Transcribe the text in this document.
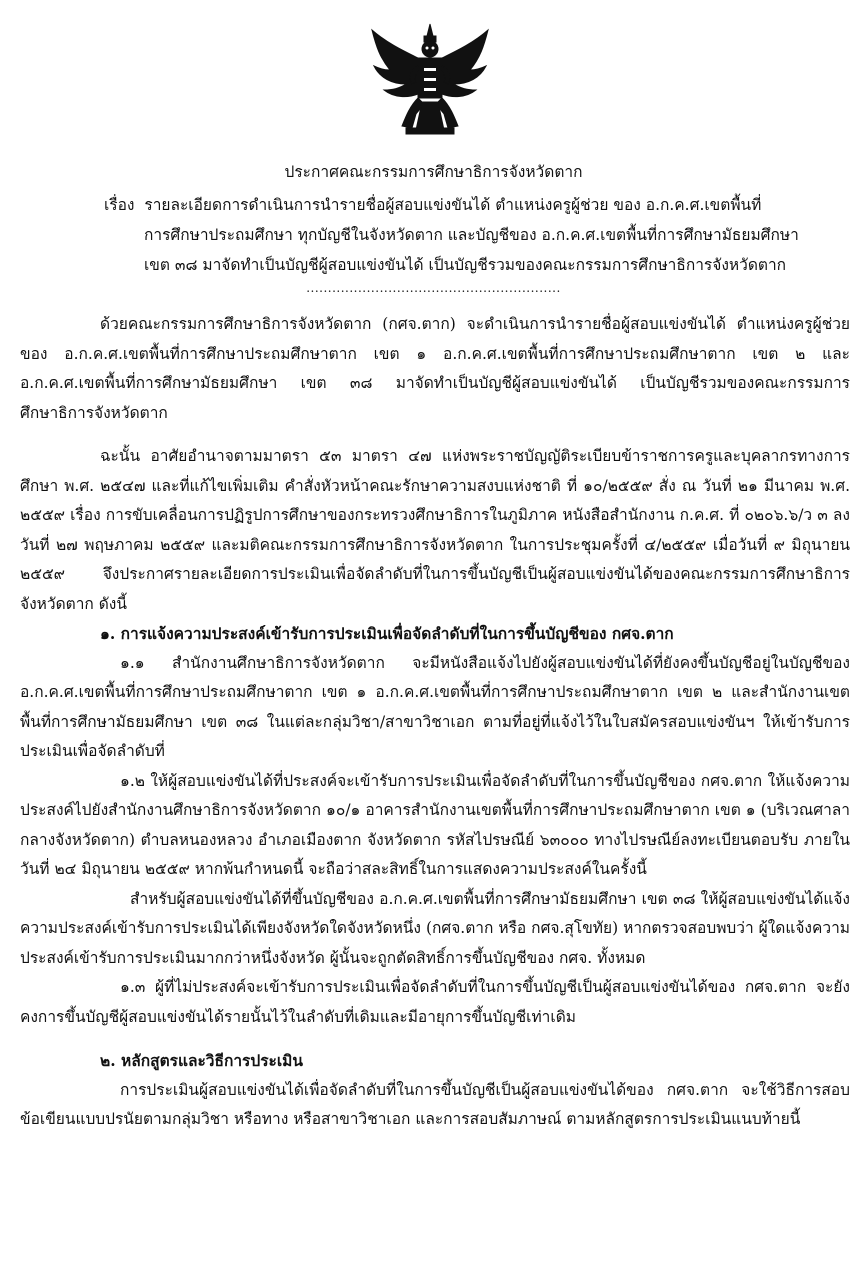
ประกาศคณะกรรมการศึกษาธิการจังหวัดตาก
เรื่อง รายละเอียดการดำเนินการนำรายชื่อผู้สอบแข่งขันได้ ตำแหน่งครูผู้ช่วย ของ อ.ก.ค.ศ.เขตพื้นที่
การศึกษาประถมศึกษา ทุกบัญชีในจังหวัดตาก และบัญชีของ อ.ก.ค.ศ.เขตพื้นที่การศึกษามัธยมศึกษา
เขต ๓๘ มาจัดทำเป็นบัญชีผู้สอบแข่งขันได้ เป็นบัญชีรวมของคณะกรรมการศึกษาธิการจังหวัดตาก
...........................................................

ด้วยคณะกรรมการศึกษาธิการจังหวัดตาก (กศจ.ตาก) จะดำเนินการนำรายชื่อผู้สอบแข่งขันได้ ตำแหน่งครูผู้ช่วย ของ อ.ก.ค.ศ.เขตพื้นที่การศึกษาประถมศึกษาตาก เขต ๑ อ.ก.ค.ศ.เขตพื้นที่การศึกษาประถมศึกษาตาก เขต ๒ และ อ.ก.ค.ศ.เขตพื้นที่การศึกษามัธยมศึกษา เขต ๓๘ มาจัดทำเป็นบัญชีผู้สอบแข่งขันได้ เป็นบัญชีรวมของคณะกรรมการศึกษาธิการจังหวัดตาก

ฉะนั้น อาศัยอำนาจตามมาตรา ๕๓ มาตรา ๔๗ แห่งพระราชบัญญัติระเบียบข้าราชการครูและบุคลากรทางการศึกษา พ.ศ. ๒๕๔๗ และที่แก้ไขเพิ่มเติม คำสั่งหัวหน้าคณะรักษาความสงบแห่งชาติ ที่ ๑๐/๒๕๕๙ สั่ง ณ วันที่ ๒๑ มีนาคม พ.ศ. ๒๕๕๙ เรื่อง การขับเคลื่อนการปฏิรูปการศึกษาของกระทรวงศึกษาธิการในภูมิภาค หนังสือสำนักงาน ก.ค.ศ. ที่ ๐๒๐๖.๖/ว ๓ ลงวันที่ ๒๗ พฤษภาคม ๒๕๕๙ และมติคณะกรรมการศึกษาธิการจังหวัดตาก ในการประชุมครั้งที่ ๔/๒๕๕๙ เมื่อวันที่ ๙ มิถุนายน ๒๕๕๙ จึงประกาศรายละเอียดการประเมินเพื่อจัดลำดับที่ในการขึ้นบัญชีเป็นผู้สอบแข่งขันได้ของคณะกรรมการศึกษาธิการจังหวัดตาก ดังนี้

๑. การแจ้งความประสงค์เข้ารับการประเมินเพื่อจัดลำดับที่ในการขึ้นบัญชีของ กศจ.ตาก

๑.๑ สำนักงานศึกษาธิการจังหวัดตาก จะมีหนังสือแจ้งไปยังผู้สอบแข่งขันได้ที่ยังคงขึ้นบัญชีอยู่ในบัญชีของ อ.ก.ค.ศ.เขตพื้นที่การศึกษาประถมศึกษาตาก เขต ๑ อ.ก.ค.ศ.เขตพื้นที่การศึกษาประถมศึกษาตาก เขต ๒ และสำนักงานเขตพื้นที่การศึกษามัธยมศึกษา เขต ๓๘ ในแต่ละกลุ่มวิชา/สาขาวิชาเอก ตามที่อยู่ที่แจ้งไว้ในใบสมัครสอบแข่งขันฯ ให้เข้ารับการประเมินเพื่อจัดลำดับที่

๑.๒ ให้ผู้สอบแข่งขันได้ที่ประสงค์จะเข้ารับการประเมินเพื่อจัดลำดับที่ในการขึ้นบัญชีของ กศจ.ตาก ให้แจ้งความประสงค์ไปยังสำนักงานศึกษาธิการจังหวัดตาก ๑๐/๑ อาคารสำนักงานเขตพื้นที่การศึกษาประถมศึกษาตาก เขต ๑ (บริเวณศาลากลางจังหวัดตาก) ตำบลหนองหลวง อำเภอเมืองตาก จังหวัดตาก รหัสไปรษณีย์ ๖๓๐๐๐ ทางไปรษณีย์ลงทะเบียนตอบรับ ภายในวันที่ ๒๔ มิถุนายน ๒๕๕๙ หากพ้นกำหนดนี้ จะถือว่าสละสิทธิ์ในการแสดงความประสงค์ในครั้งนี้

สำหรับผู้สอบแข่งขันได้ที่ขึ้นบัญชีของ อ.ก.ค.ศ.เขตพื้นที่การศึกษามัธยมศึกษา เขต ๓๘ ให้ผู้สอบแข่งขันได้แจ้งความประสงค์เข้ารับการประเมินได้เพียงจังหวัดใดจังหวัดหนึ่ง (กศจ.ตาก หรือ กศจ.สุโขทัย) หากตรวจสอบพบว่า ผู้ใดแจ้งความประสงค์เข้ารับการประเมินมากกว่าหนึ่งจังหวัด ผู้นั้นจะถูกตัดสิทธิ์การขึ้นบัญชีของ กศจ. ทั้งหมด

๑.๓ ผู้ที่ไม่ประสงค์จะเข้ารับการประเมินเพื่อจัดลำดับที่ในการขึ้นบัญชีเป็นผู้สอบแข่งขันได้ของ กศจ.ตาก จะยังคงการขึ้นบัญชีผู้สอบแข่งขันได้รายนั้นไว้ในลำดับที่เดิมและมีอายุการขึ้นบัญชีเท่าเดิม

๒. หลักสูตรและวิธีการประเมิน

การประเมินผู้สอบแข่งขันได้เพื่อจัดลำดับที่ในการขึ้นบัญชีเป็นผู้สอบแข่งขันได้ของ กศจ.ตาก จะใช้วิธีการสอบข้อเขียนแบบปรนัยตามกลุ่มวิชา หรือทาง หรือสาขาวิชาเอก และการสอบสัมภาษณ์ ตามหลักสูตรการประเมินแนบท้ายนี้
